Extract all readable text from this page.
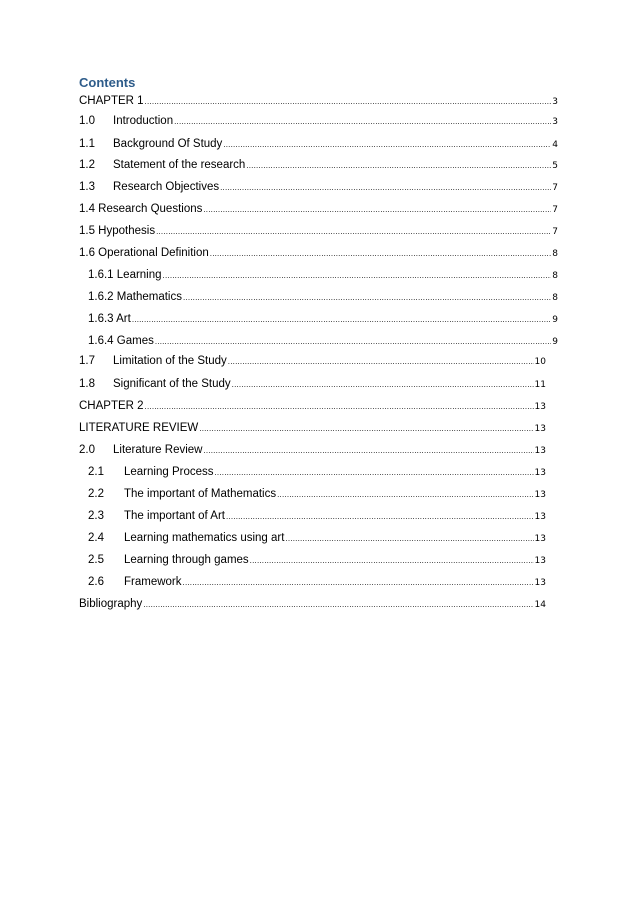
Contents
CHAPTER 1 .....	3
1.0	Introduction .....	3
1.1	Background Of Study .....	4
1.2	Statement of the research .....	5
1.3	Research Objectives .....	7
1.4 Research Questions .....	7
1.5 Hypothesis .....	7
1.6 Operational Definition .....	8
1.6.1 Learning .....	8
1.6.2 Mathematics .....	8
1.6.3 Art .....	9
1.6.4 Games .....	9
1.7	Limitation of the Study .....	10
1.8	Significant of the Study .....	11
CHAPTER 2 .....	13
LITERATURE REVIEW .....	13
2.0	Literature Review .....	13
2.1	Learning Process .....	13
2.2	The important of Mathematics .....	13
2.3	The important of Art .....	13
2.4	Learning mathematics using art .....	13
2.5	Learning through games .....	13
2.6	Framework .....	13
Bibliography .....	14
